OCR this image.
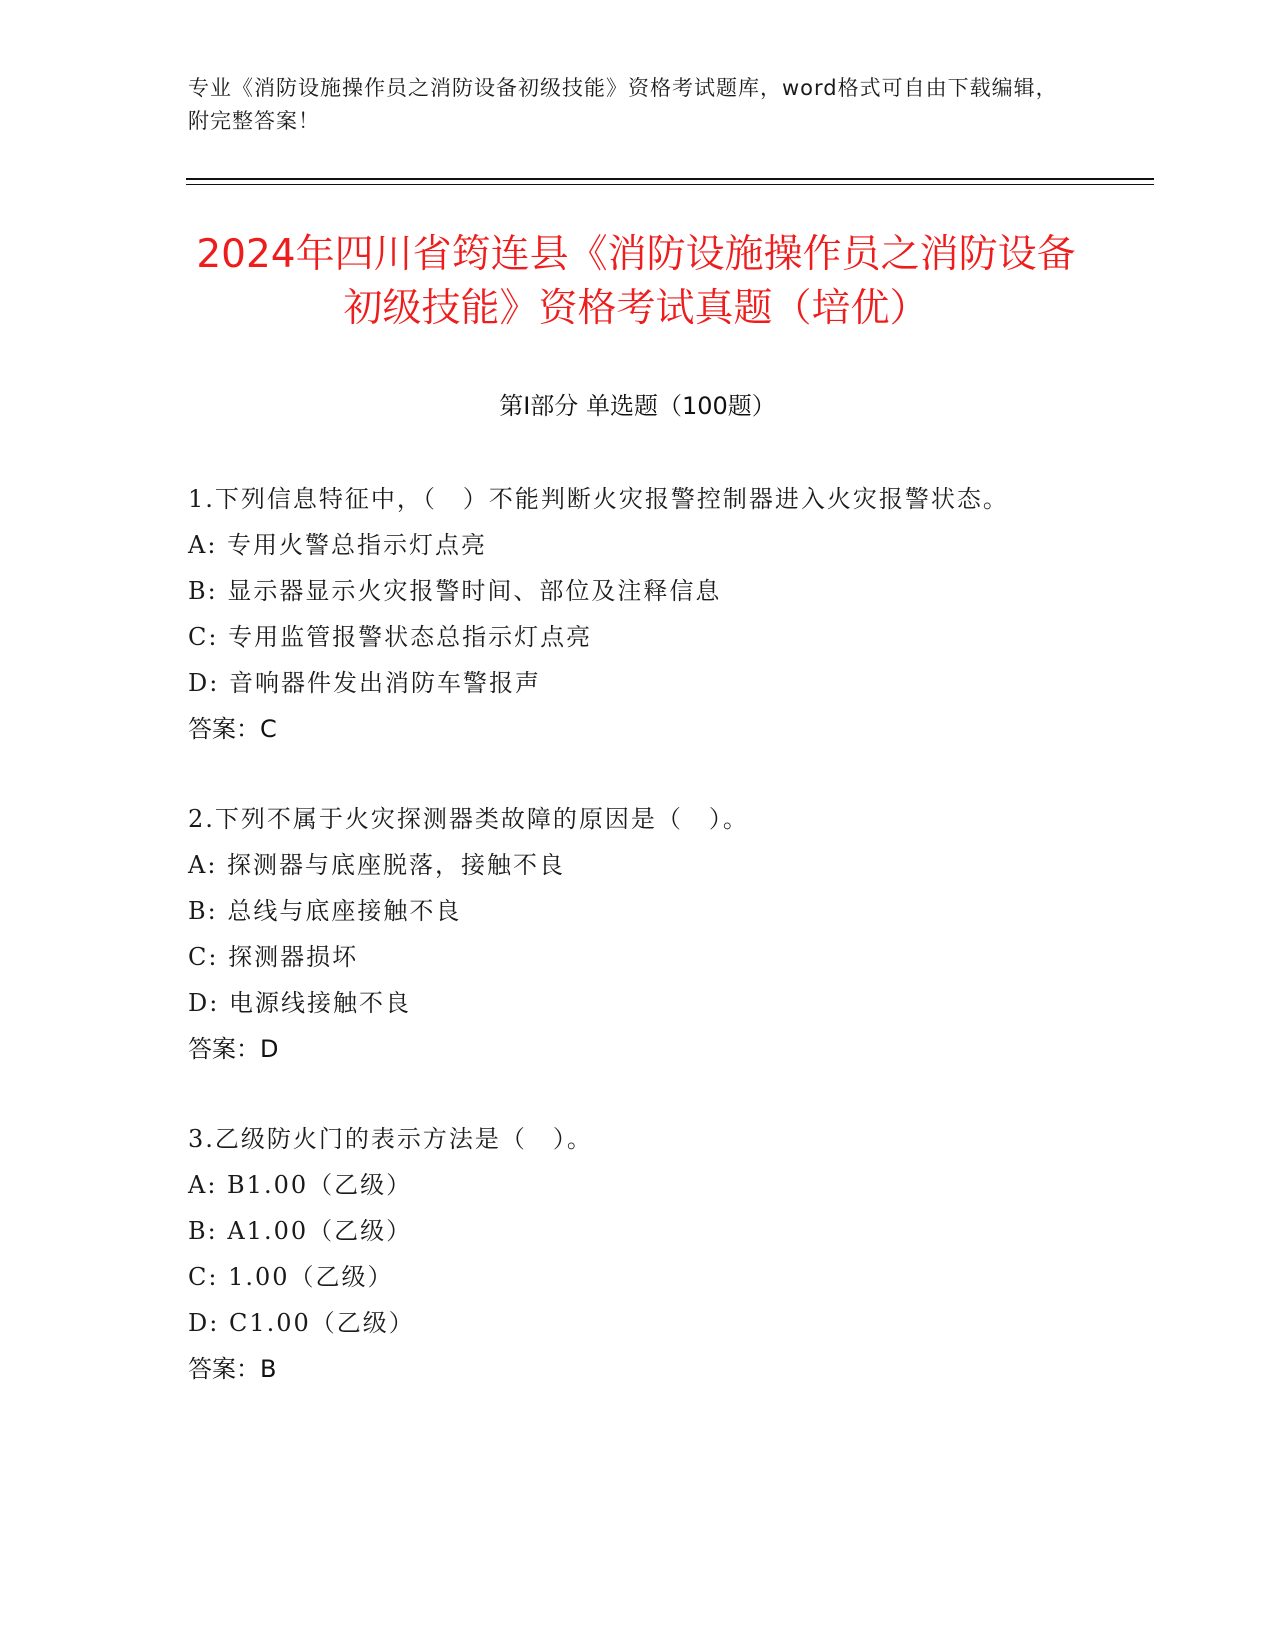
专业《消防设施操作员之消防设备初级技能》资格考试题库，word格式可自由下载编辑，附完整答案！
2024年四川省筠连县《消防设施操作员之消防设备初级技能》资格考试真题（培优）
第Ⅰ部分 单选题（100题）
1.下列信息特征中，（　）不能判断火灾报警控制器进入火灾报警状态。
A: 专用火警总指示灯点亮
B: 显示器显示火灾报警时间、部位及注释信息
C: 专用监管报警状态总指示灯点亮
D: 音响器件发出消防车警报声
答案：C
2.下列不属于火灾探测器类故障的原因是（　）。
A: 探测器与底座脱落，接触不良
B: 总线与底座接触不良
C: 探测器损坏
D: 电源线接触不良
答案：D
3.乙级防火门的表示方法是（　）。
A: B1.00（乙级）
B: A1.00（乙级）
C: 1.00（乙级）
D: C1.00（乙级）
答案：B
